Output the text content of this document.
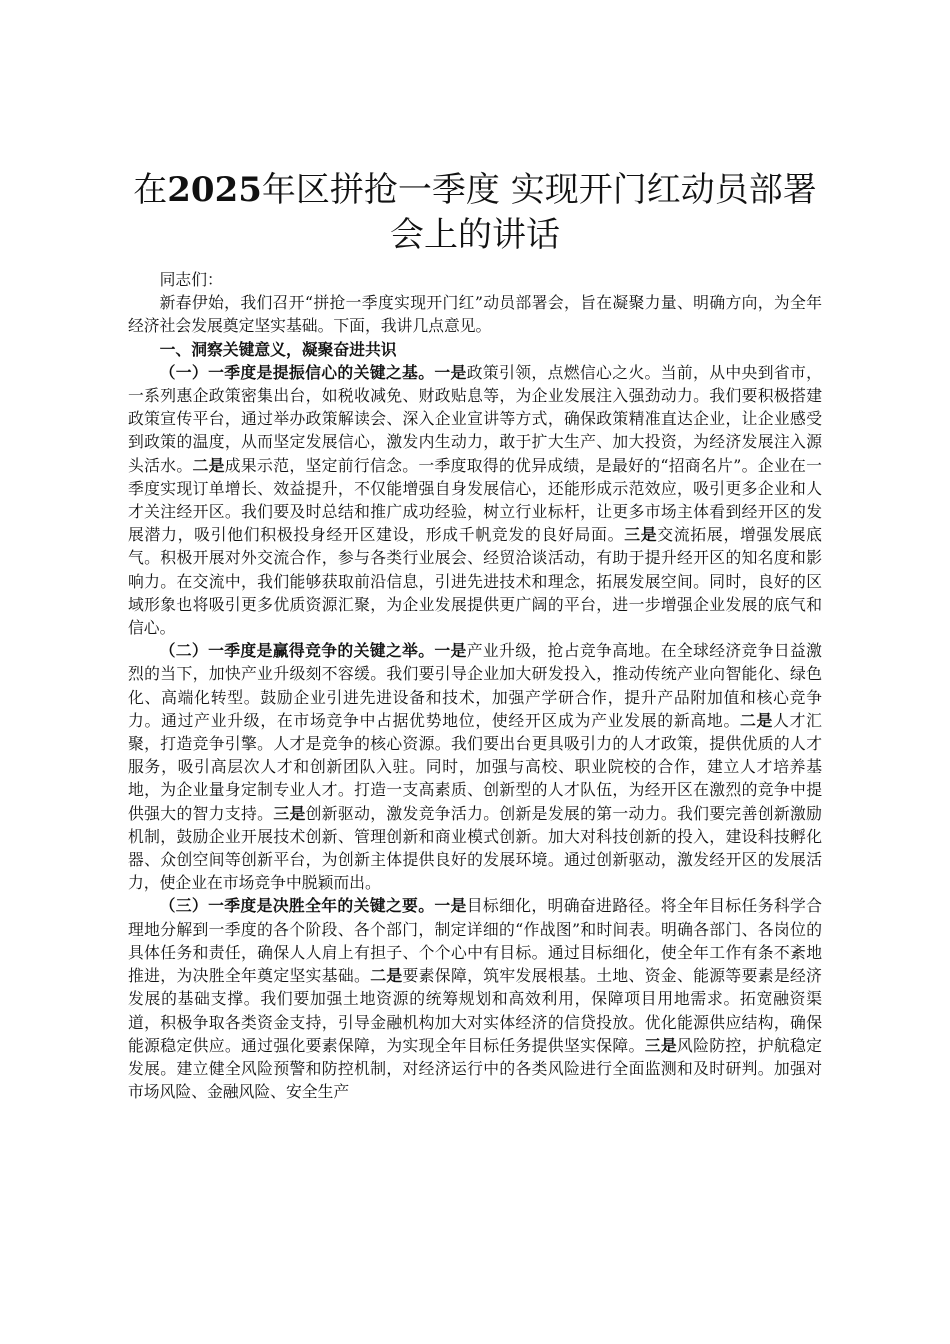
在2025年区拼抢一季度 实现开门红动员部署会上的讲话

同志们：

新春伊始，我们召开“拼抢一季度实现开门红”动员部署会，旨在凝聚力量、明确方向，为全年经济社会发展奠定坚实基础。下面，我讲几点意见。

一、洞察关键意义，凝聚奋进共识

（一）一季度是提振信心的关键之基。一是政策引领，点燃信心之火。当前，从中央到省市，一系列惠企政策密集出台，如税收减免、财政贴息等，为企业发展注入强劲动力。我们要积极搭建政策宣传平台，通过举办政策解读会、深入企业宣讲等方式，确保政策精准直达企业，让企业感受到政策的温度，从而坚定发展信心，激发内生动力，敢于扩大生产、加大投资，为经济发展注入源头活水。二是成果示范，坚定前行信念。一季度取得的优异成绩，是最好的“招商名片”。企业在一季度实现订单增长、效益提升，不仅能增强自身发展信心，还能形成示范效应，吸引更多企业和人才关注经开区。我们要及时总结和推广成功经验，树立行业标杆，让更多市场主体看到经开区的发展潜力，吸引他们积极投身经开区建设，形成千帆竞发的良好局面。三是交流拓展，增强发展底气。积极开展对外交流合作，参与各类行业展会、经贸洽谈活动，有助于提升经开区的知名度和影响力。在交流中，我们能够获取前沿信息，引进先进技术和理念，拓展发展空间。同时，良好的区域形象也将吸引更多优质资源汇聚，为企业发展提供更广阔的平台，进一步增强企业发展的底气和信心。

（二）一季度是赢得竞争的关键之举。一是产业升级，抢占竞争高地。在全球经济竞争日益激烈的当下，加快产业升级刻不容缓。我们要引导企业加大研发投入，推动传统产业向智能化、绿色化、高端化转型。鼓励企业引进先进设备和技术，加强产学研合作，提升产品附加值和核心竞争力。通过产业升级，在市场竞争中占据优势地位，使经开区成为产业发展的新高地。二是人才汇聚，打造竞争引擎。人才是竞争的核心资源。我们要出台更具吸引力的人才政策，提供优质的人才服务，吸引高层次人才和创新团队入驻。同时，加强与高校、职业院校的合作，建立人才培养基地，为企业量身定制专业人才。打造一支高素质、创新型的人才队伍，为经开区在激烈的竞争中提供强大的智力支持。三是创新驱动，激发竞争活力。创新是发展的第一动力。我们要完善创新激励机制，鼓励企业开展技术创新、管理创新和商业模式创新。加大对科技创新的投入，建设科技孵化器、众创空间等创新平台，为创新主体提供良好的发展环境。通过创新驱动，激发经开区的发展活力，使企业在市场竞争中脱颖而出。

（三）一季度是决胜全年的关键之要。一是目标细化，明确奋进路径。将全年目标任务科学合理地分解到一季度的各个阶段、各个部门，制定详细的“作战图”和时间表。明确各部门、各岗位的具体任务和责任，确保人人肩上有担子、个个心中有目标。通过目标细化，使全年工作有条不紊地推进，为决胜全年奠定坚实基础。二是要素保障，筑牢发展根基。土地、资金、能源等要素是经济发展的基础支撑。我们要加强土地资源的统筹规划和高效利用，保障项目用地需求。拓宽融资渠道，积极争取各类资金支持，引导金融机构加大对实体经济的信贷投放。优化能源供应结构，确保能源稳定供应。通过强化要素保障，为实现全年目标任务提供坚实保障。三是风险防控，护航稳定发展。建立健全风险预警和防控机制，对经济运行中的各类风险进行全面监测和及时研判。加强对市场风险、金融风险、安全生产
